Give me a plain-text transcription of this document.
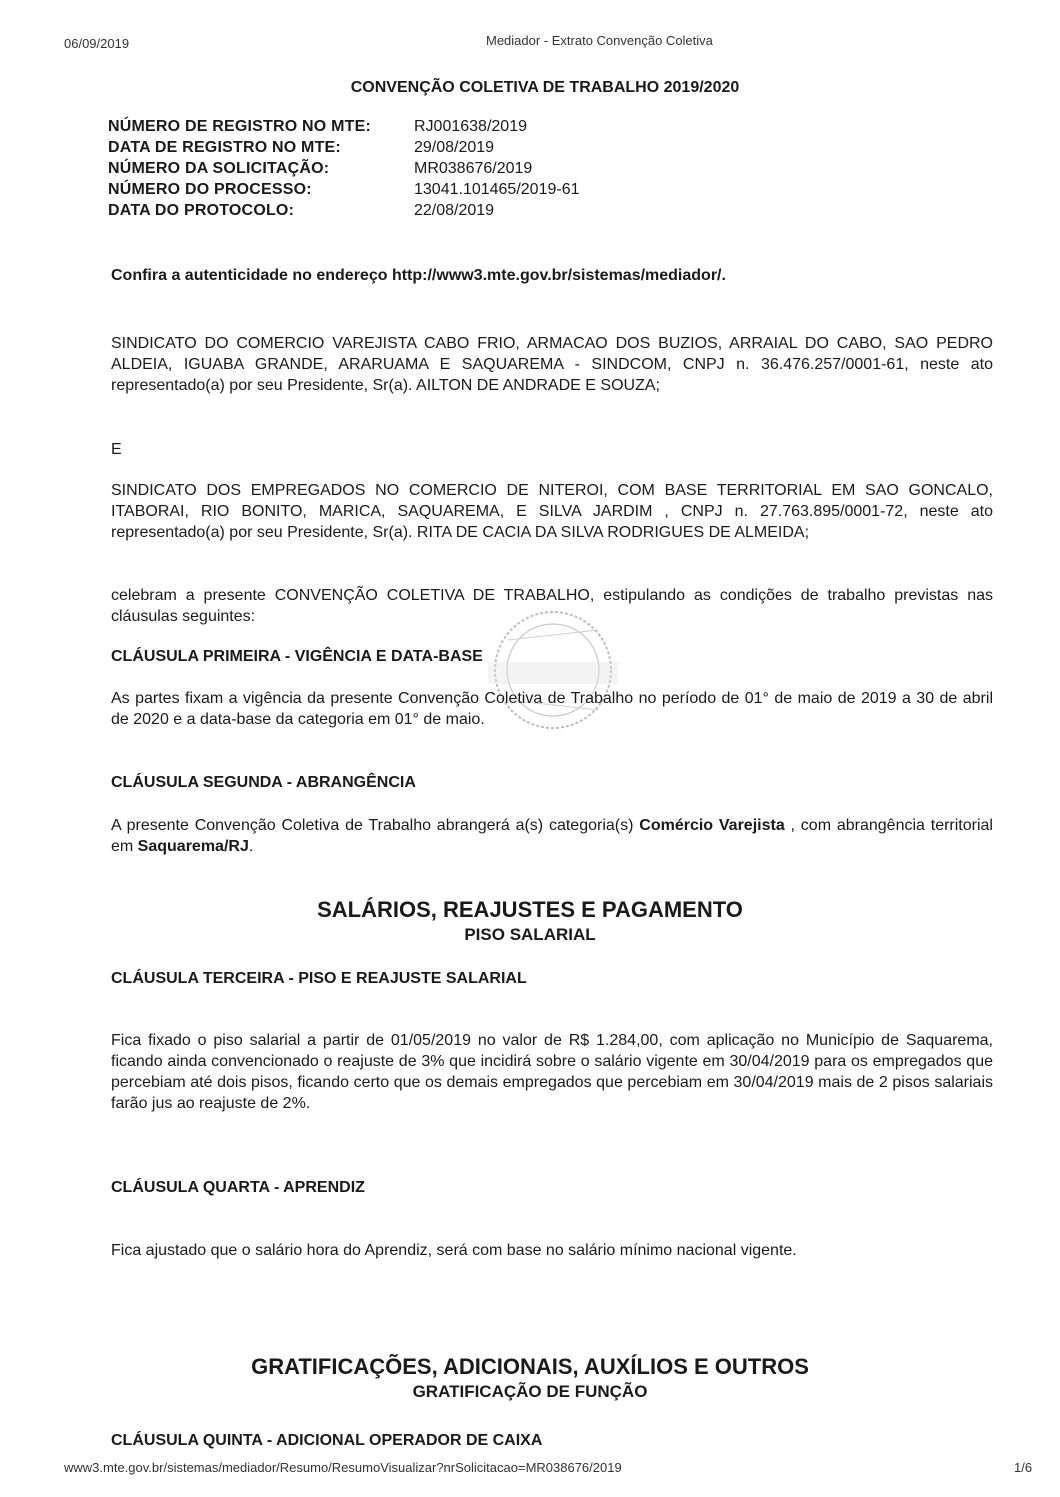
06/09/2019	Mediador - Extrato Convenção Coletiva
CONVENÇÃO COLETIVA DE TRABALHO 2019/2020
NÚMERO DE REGISTRO NO MTE:	RJ001638/2019
DATA DE REGISTRO NO MTE:	29/08/2019
NÚMERO DA SOLICITAÇÃO:	MR038676/2019
NÚMERO DO PROCESSO:	13041.101465/2019-61
DATA DO PROTOCOLO:	22/08/2019
Confira a autenticidade no endereço http://www3.mte.gov.br/sistemas/mediador/.
SINDICATO DO COMERCIO VAREJISTA CABO FRIO, ARMACAO DOS BUZIOS, ARRAIAL DO CABO, SAO PEDRO ALDEIA, IGUABA GRANDE, ARARUAMA E SAQUAREMA - SINDCOM, CNPJ n. 36.476.257/0001-61, neste ato representado(a) por seu Presidente, Sr(a). AILTON DE ANDRADE E SOUZA;
E
SINDICATO DOS EMPREGADOS NO COMERCIO DE NITEROI, COM BASE TERRITORIAL EM SAO GONCALO, ITABORAI, RIO BONITO, MARICA, SAQUAREMA, E SILVA JARDIM , CNPJ n. 27.763.895/0001-72, neste ato representado(a) por seu Presidente, Sr(a). RITA DE CACIA DA SILVA RODRIGUES DE ALMEIDA;
celebram a presente CONVENÇÃO COLETIVA DE TRABALHO, estipulando as condições de trabalho previstas nas cláusulas seguintes:
CLÁUSULA PRIMEIRA - VIGÊNCIA E DATA-BASE
As partes fixam a vigência da presente Convenção Coletiva de Trabalho no período de 01° de maio de 2019 a 30 de abril de 2020 e a data-base da categoria em 01° de maio.
CLÁUSULA SEGUNDA - ABRANGÊNCIA
A presente Convenção Coletiva de Trabalho abrangerá a(s) categoria(s) Comércio Varejista , com abrangência territorial em Saquarema/RJ.
SALÁRIOS, REAJUSTES E PAGAMENTO
PISO SALARIAL
CLÁUSULA TERCEIRA - PISO E REAJUSTE SALARIAL
Fica fixado o piso salarial a partir de 01/05/2019 no valor de R$ 1.284,00, com aplicação no Município de Saquarema, ficando ainda convencionado o reajuste de 3% que incidirá sobre o salário vigente em 30/04/2019 para os empregados que percebiam até dois pisos, ficando certo que os demais empregados que percebiam em 30/04/2019 mais de 2 pisos salariais farão jus ao reajuste de 2%.
CLÁUSULA QUARTA - APRENDIZ
Fica ajustado que o salário hora do Aprendiz, será com base no salário mínimo nacional vigente.
GRATIFICAÇÕES, ADICIONAIS, AUXÍLIOS E OUTROS
GRATIFICAÇÃO DE FUNÇÃO
CLÁUSULA QUINTA - ADICIONAL OPERADOR DE CAIXA
www3.mte.gov.br/sistemas/mediador/Resumo/ResumoVisualizar?nrSolicitacao=MR038676/2019	1/6
